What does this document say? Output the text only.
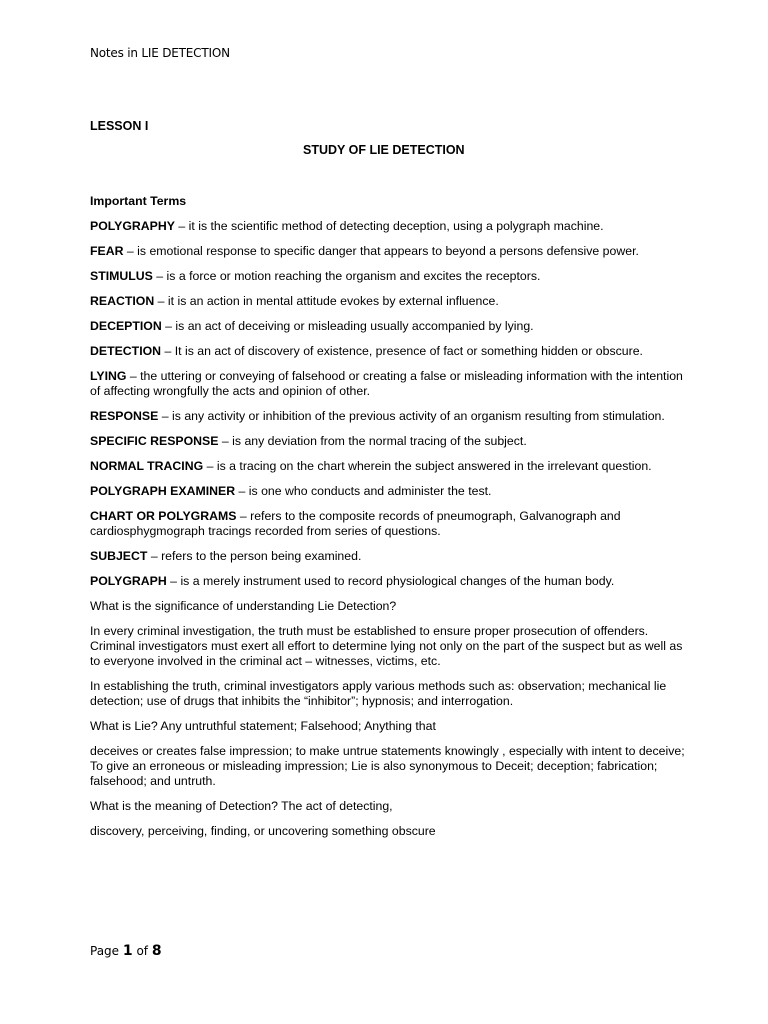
Notes in LIE DETECTION
LESSON I
STUDY OF LIE DETECTION
Important Terms
POLYGRAPHY – it is the scientific method of detecting deception, using a polygraph machine.
FEAR – is emotional response to specific danger that appears to beyond a persons defensive power.
STIMULUS – is a force or motion reaching the organism and excites the receptors.
REACTION – it is an action in mental attitude evokes by external influence.
DECEPTION – is an act of deceiving or misleading usually accompanied by lying.
DETECTION – It is an act of discovery of existence, presence of fact or something hidden or obscure.
LYING – the uttering or conveying of falsehood or creating a false or misleading information with the intention of affecting wrongfully the acts and opinion of other.
RESPONSE – is any activity or inhibition of the previous activity of an organism resulting from stimulation.
SPECIFIC RESPONSE – is any deviation from the normal tracing of the subject.
NORMAL TRACING – is a tracing on the chart wherein the subject answered in the irrelevant question.
POLYGRAPH EXAMINER – is one who conducts and administer the test.
CHART OR POLYGRAMS – refers to the composite records of pneumograph, Galvanograph and cardiosphygmograph tracings recorded from series of questions.
SUBJECT – refers to the person being examined.
POLYGRAPH – is a merely instrument used to record physiological changes of the human body.
What is the significance of understanding Lie Detection?
In every criminal investigation, the truth must be established to ensure proper prosecution of offenders. Criminal investigators must exert all effort to determine lying not only on the part of the suspect but as well as to everyone involved in the criminal act – witnesses, victims, etc.
In establishing the truth, criminal investigators apply various methods such as: observation; mechanical lie detection; use of drugs that inhibits the “inhibitor”; hypnosis; and interrogation.
What is Lie? Any untruthful statement; Falsehood; Anything that
deceives or creates false impression; to make untrue statements knowingly , especially with intent to deceive; To give an erroneous or misleading impression; Lie is also synonymous to Deceit; deception; fabrication; falsehood; and untruth.
What is the meaning of Detection? The act of detecting,
discovery, perceiving, finding, or uncovering something obscure
Page 1 of 8
